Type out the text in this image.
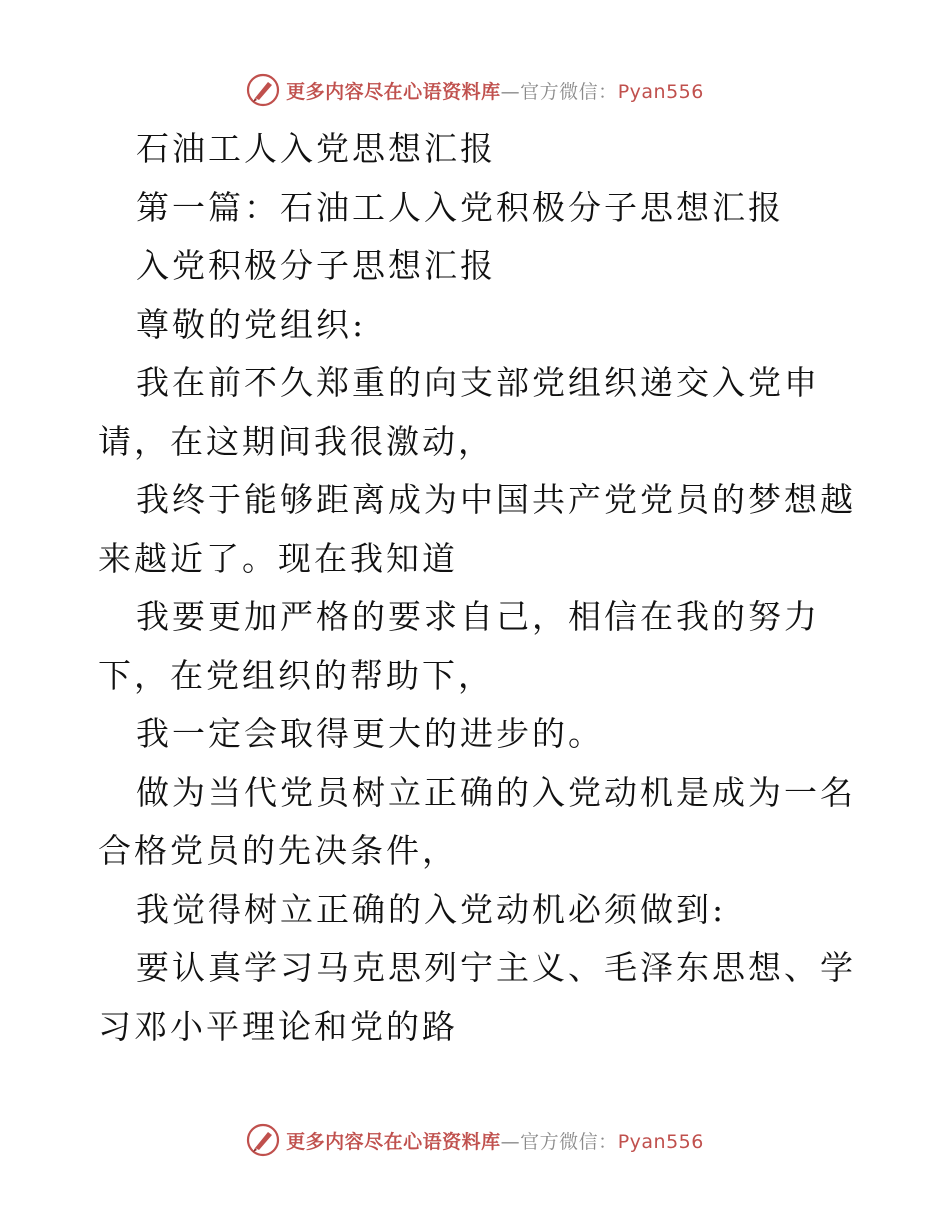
更多内容尽在心语资料库—官方微信：Pyan556

石油工人入党思想汇报

第一篇：石油工人入党积极分子思想汇报

入党积极分子思想汇报

尊敬的党组织:

我在前不久郑重的向支部党组织递交入党申请，在这期间我很激动，

我终于能够距离成为中国共产党党员的梦想越来越近了。现在我知道

我要更加严格的要求自己，相信在我的努力下，在党组织的帮助下，

我一定会取得更大的进步的。

做为当代党员树立正确的入党动机是成为一名合格党员的先决条件，

我觉得树立正确的入党动机必须做到:

要认真学习马克思列宁主义、毛泽东思想、学习邓小平理论和党的路

更多内容尽在心语资料库—官方微信：Pyan556
